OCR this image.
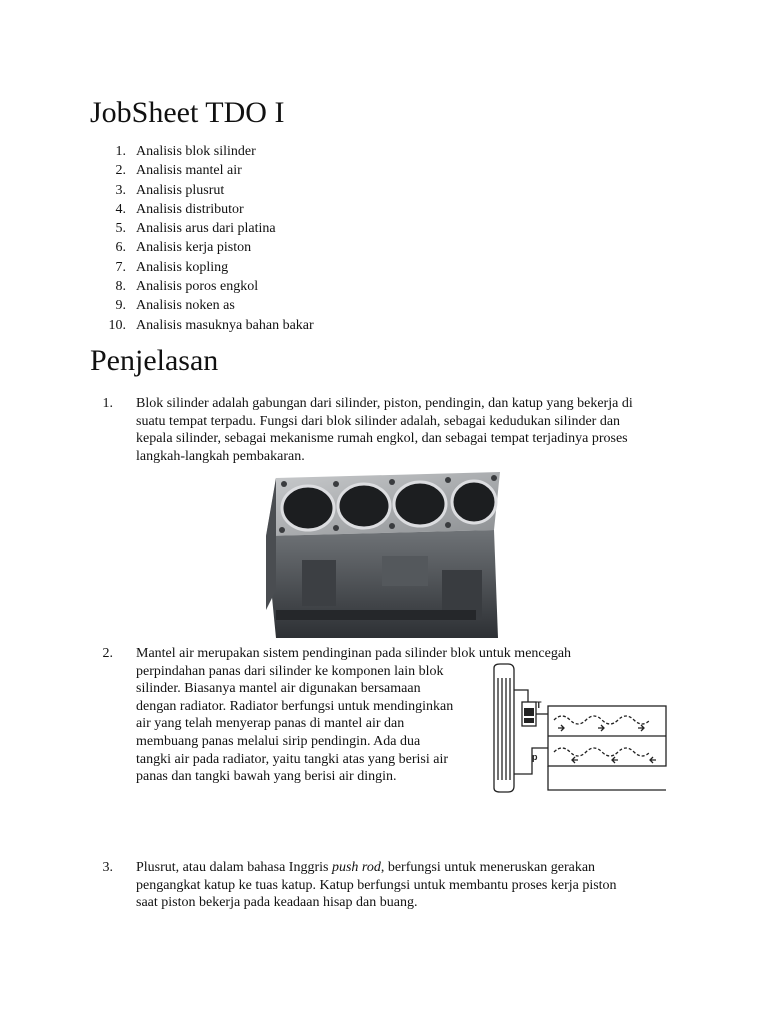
JobSheet TDO I
1. Analisis blok silinder
2. Analisis mantel air
3. Analisis plusrut
4. Analisis distributor
5. Analisis arus dari platina
6. Analisis kerja piston
7. Analisis kopling
8. Analisis poros engkol
9. Analisis noken as
10. Analisis masuknya bahan bakar
Penjelasan
1. Blok silinder adalah gabungan dari silinder, piston, pendingin, dan katup yang bekerja di
suatu tempat terpadu. Fungsi dari blok silinder adalah, sebagai kedudukan silinder dan
kepala silinder, sebagai mekanisme rumah engkol, dan sebagai tempat terjadinya proses
langkah-langkah pembakaran.
2. Mantel air merupakan sistem pendinginan pada silinder blok untuk mencegah
perpindahan panas dari silinder ke komponen lain blok
silinder. Biasanya mantel air digunakan bersamaan
dengan radiator. Radiator berfungsi untuk mendinginkan
air yang telah menyerap panas di mantel air dan
membuang panas melalui sirip pendingin. Ada dua
tangki air pada radiator, yaitu tangki atas yang berisi air
panas dan tangki bawah yang berisi air dingin.
T
p
3. Plusrut, atau dalam bahasa Inggris push rod, berfungsi untuk meneruskan gerakan
pengangkat katup ke tuas katup. Katup berfungsi untuk membantu proses kerja piston
saat piston bekerja pada keadaan hisap dan buang.
